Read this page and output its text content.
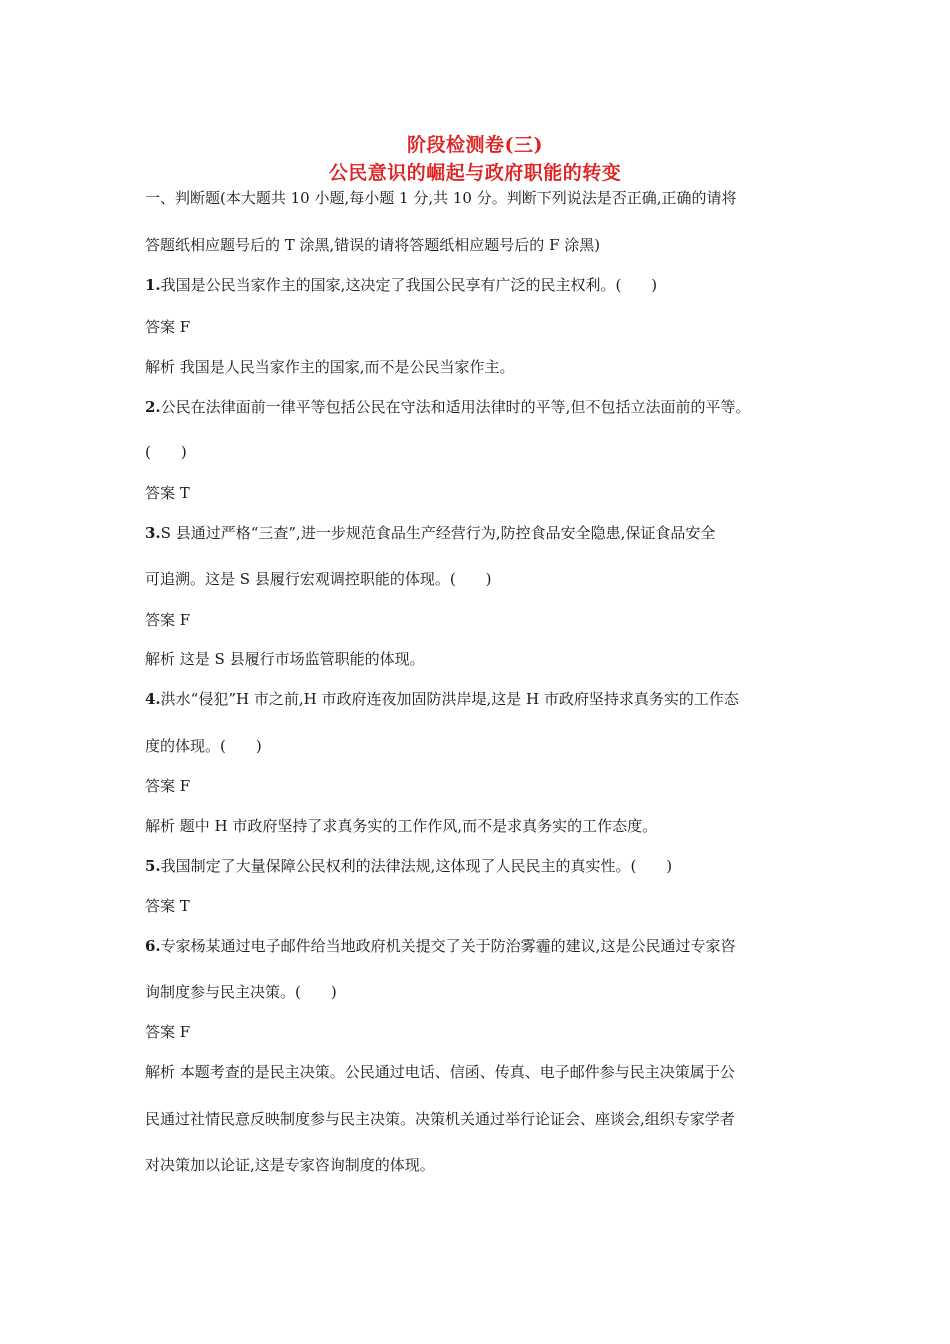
阶段检测卷(三)
公民意识的崛起与政府职能的转变
一、判断题(本大题共 10 小题,每小题 1 分,共 10 分。判断下列说法是否正确,正确的请将
答题纸相应题号后的 T 涂黑,错误的请将答题纸相应题号后的 F 涂黑)
1.我国是公民当家作主的国家,这决定了我国公民享有广泛的民主权利。(　　)
答案 F
解析 我国是人民当家作主的国家,而不是公民当家作主。
2.公民在法律面前一律平等包括公民在守法和适用法律时的平等,但不包括立法面前的平等。
(　　)
答案 T
3.S 县通过严格“三查”,进一步规范食品生产经营行为,防控食品安全隐患,保证食品安全
可追溯。这是 S 县履行宏观调控职能的体现。(　　)
答案 F
解析 这是 S 县履行市场监管职能的体现。
4.洪水“侵犯”H 市之前,H 市政府连夜加固防洪岸堤,这是 H 市政府坚持求真务实的工作态
度的体现。(　　)
答案 F
解析 题中 H 市政府坚持了求真务实的工作作风,而不是求真务实的工作态度。
5.我国制定了大量保障公民权利的法律法规,这体现了人民民主的真实性。(　　)
答案 T
6.专家杨某通过电子邮件给当地政府机关提交了关于防治雾霾的建议,这是公民通过专家咨
询制度参与民主决策。(　　)
答案 F
解析 本题考查的是民主决策。公民通过电话、信函、传真、电子邮件参与民主决策属于公
民通过社情民意反映制度参与民主决策。决策机关通过举行论证会、座谈会,组织专家学者
对决策加以论证,这是专家咨询制度的体现。
